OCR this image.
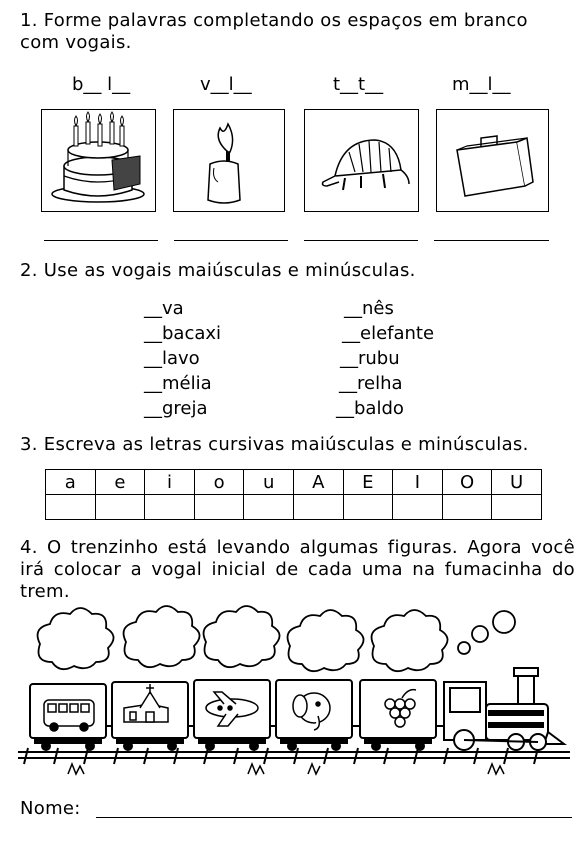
1. Forme palavras completando os espaços em branco com vogais.
b__ l__	v__l__	t__t__	m__l__
2. Use as vogais maiúsculas e minúsculas.
__va
__bacaxi
__lavo
__mélia
__greja
__nês
__elefante
__rubu
__relha
__baldo
3. Escreva as letras cursivas maiúsculas e minúsculas.
a	e	i	o	u	A	E	I	O	U

4. O trenzinho está levando algumas figuras. Agora você irá colocar a vogal inicial de cada uma na fumacinha do trem.
Nome:
